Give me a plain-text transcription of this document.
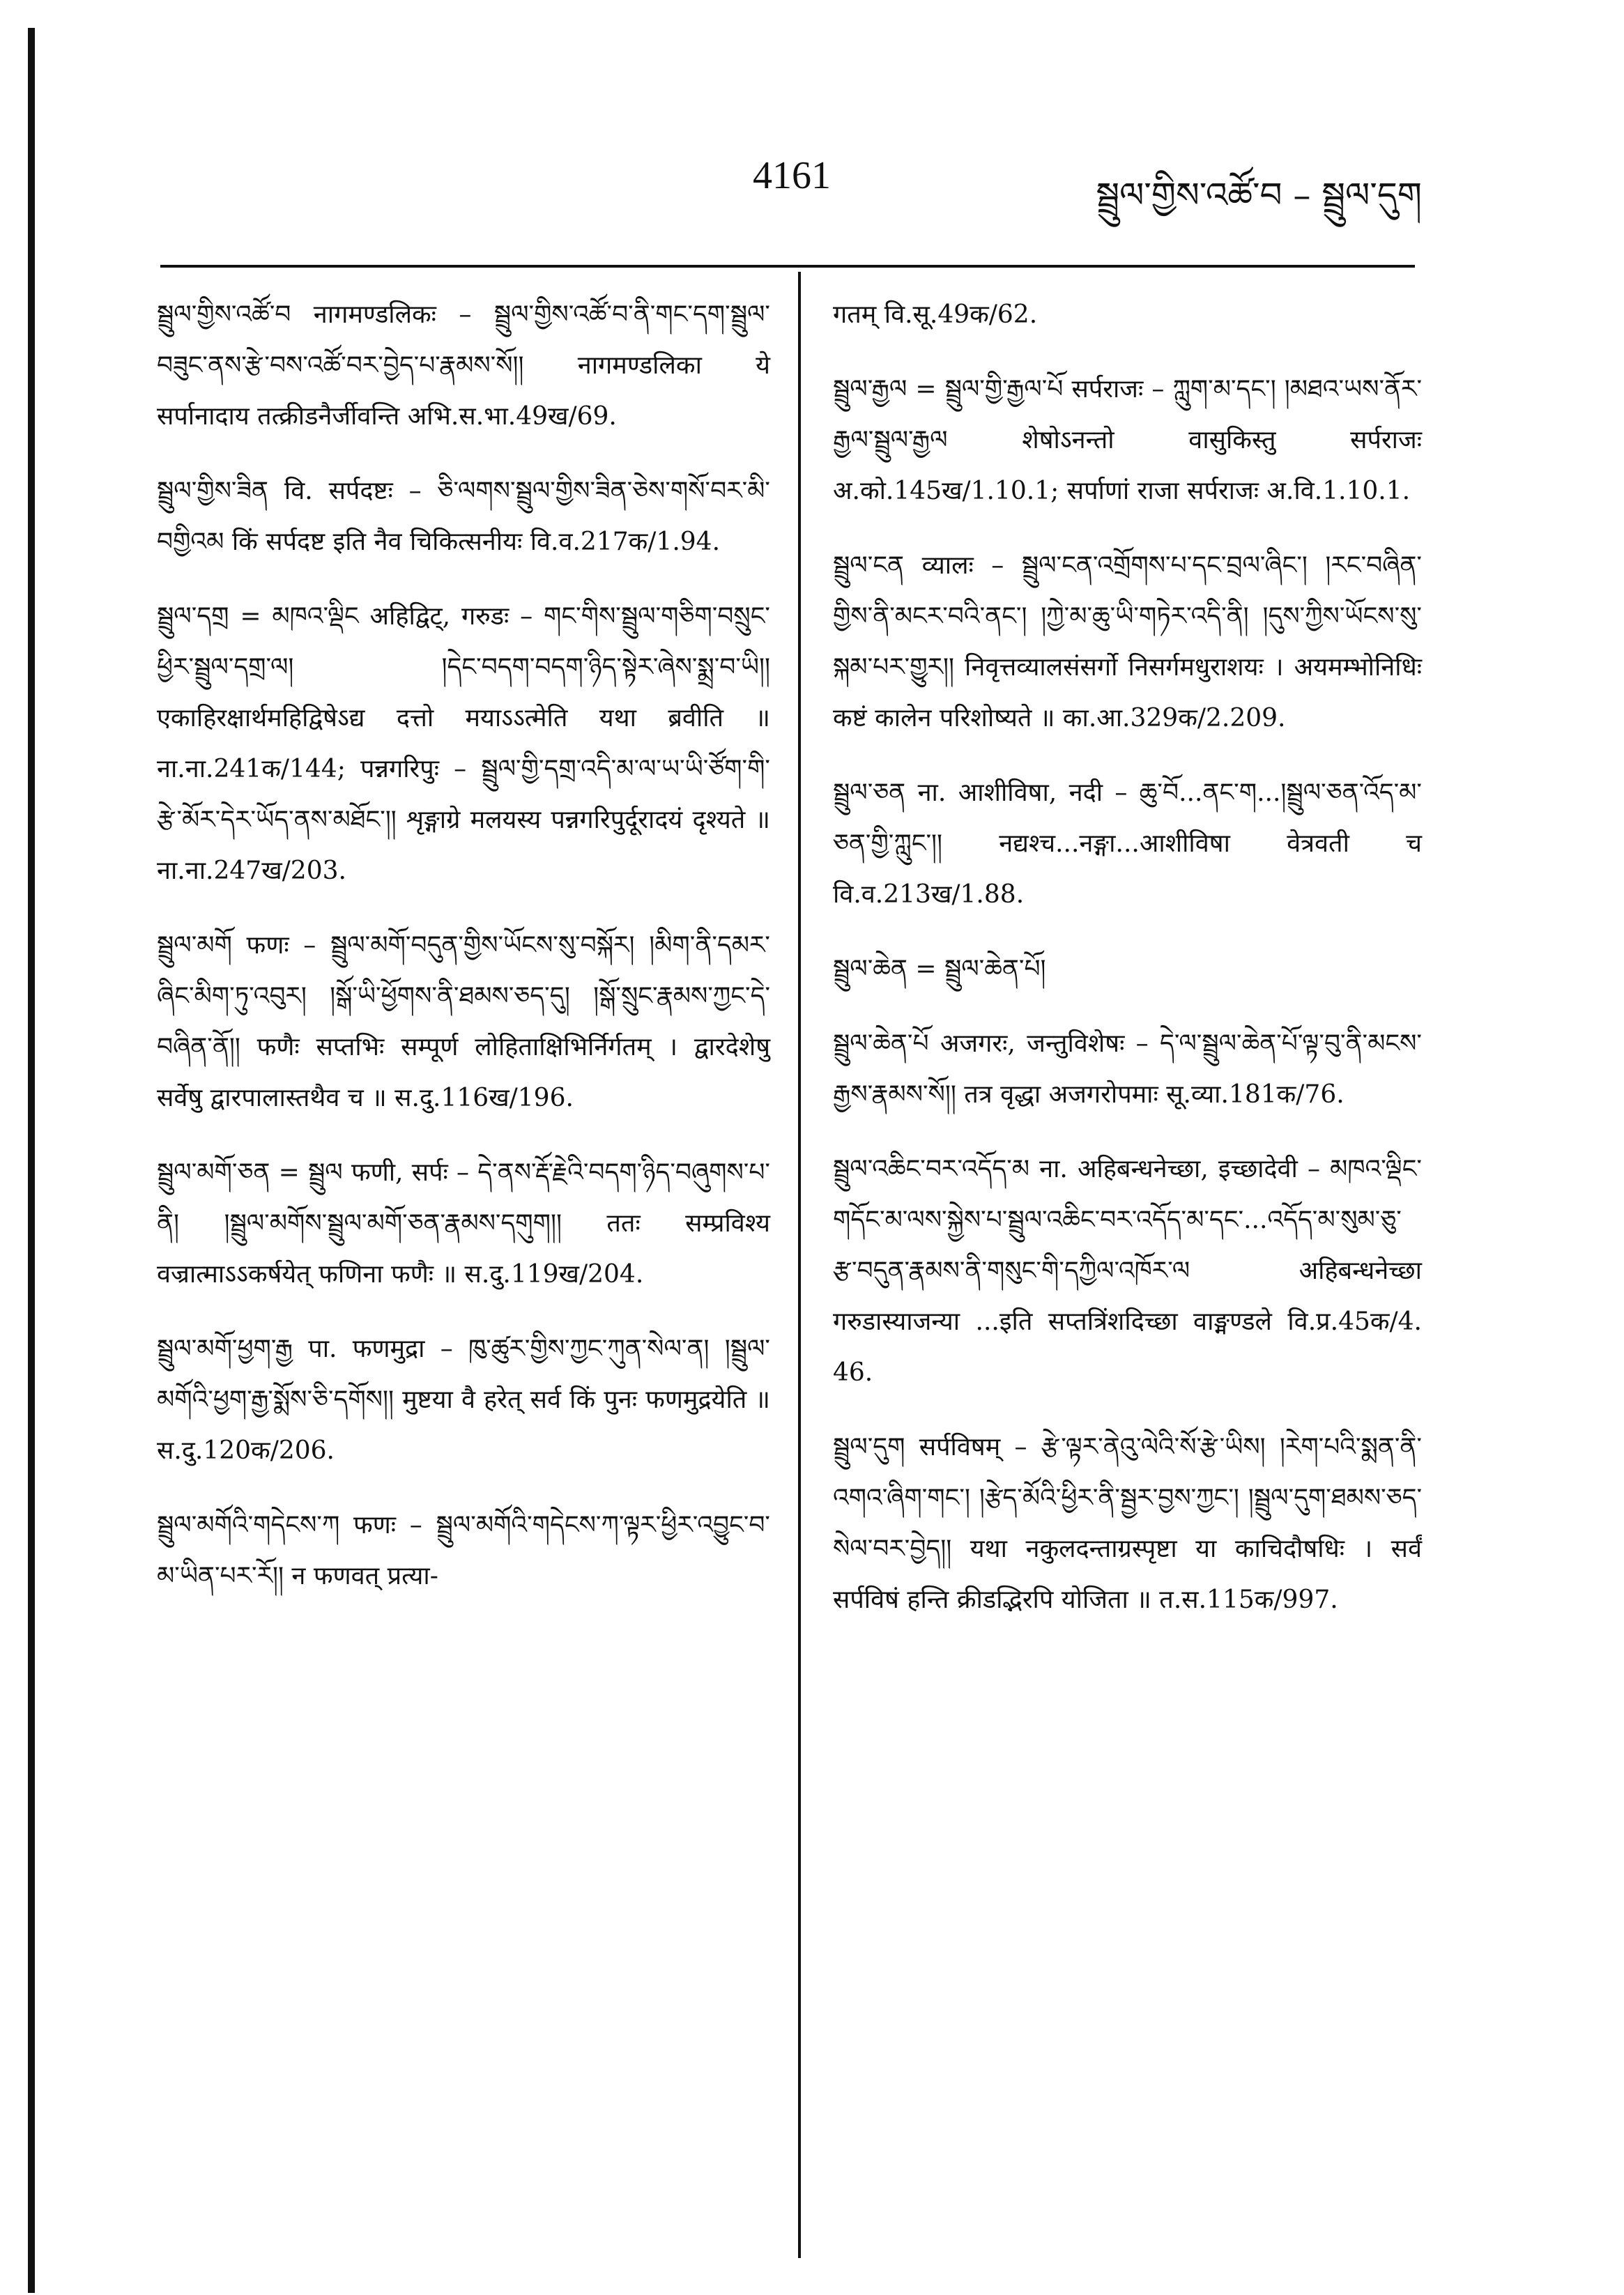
4161	སྦྲུལ་གྱིས་འཚོ་བ – སྦྲུལ་དུག

སྦྲུལ་གྱིས་འཚོ་བ नागमण्डलिकः – སྦྲུལ་གྱིས་འཚོ་བ་ནི་གང་དག་སྦྲུལ་བཟུང་ནས་རྩེ་བས་འཚོ་བར་བྱེད་པ་རྣམས་སོ།། नागमण्डलिका ये सर्पानादाय तत्क्रीडनैर्जीवन्ति अभि.स.भा.49ख/69.

སྦྲུལ་གྱིས་ཟིན वि. सर्पदष्टः – ཅི་ལགས་སྦྲུལ་གྱིས་ཟིན་ཅེས་གསོ་བར་མི་བགྱིའམ किं सर्पदष्ट इति नैव चिकित्सनीयः वि.व.217क/1.94.

སྦྲུལ་དགྲ = མཁའ་ལྡིང अहिद्विट्, गरुडः – གང་གིས་སྦྲུལ་གཅིག་བསྲུང་ཕྱིར་སྦྲུལ་དགྲ་ལ། །དེང་བདག་བདག་ཉིད་སྟེར་ཞེས་སྨྲ་བ་ཡི།། एकाहिरक्षार्थमहिद्विषेऽद्य दत्तो मयाऽऽत्मेति यथा ब्रवीति ॥ ना.ना.241क/144; पन्नगरिपुः – སྦྲུལ་གྱི་དགྲ་འདི་མ་ལ་ཡ་ཡི་ཙོག་གི་རྩེ་མོར་དེར་ཡོད་ནས་མཐོང་།། शृङ्गाग्रे मलयस्य पन्नगरिपुर्दूरादयं दृश्यते ॥ ना.ना.247ख/203.

སྦྲུལ་མགོ फणः – སྦྲུལ་མགོ་བདུན་གྱིས་ཡོངས་སུ་བསྐོར། །མིག་ནི་དམར་ཞིང་མིག་ཏུ་འབུར། །སྒོ་ཡི་ཕྱོགས་ནི་ཐམས་ཅད་དུ། །སྒོ་སྲུང་རྣམས་ཀྱང་དེ་བཞིན་ནོ།། फणैः सप्तभिः सम्पूर्ण लोहिताक्षिभिर्निर्गतम् । द्वारदेशेषु सर्वेषु द्वारपालास्तथैव च ॥ स.दु.116ख/196.

སྦྲུལ་མགོ་ཅན = སྦྲུལ फणी, सर्पः – དེ་ནས་རྡོ་རྗེའི་བདག་ཉིད་བཞུགས་པ་ནི། །སྦྲུལ་མགོས་སྦྲུལ་མགོ་ཅན་རྣམས་དགུག།། ततः सम्प्रविश्य वज्रात्माऽऽकर्षयेत् फणिना फणैः ॥ स.दु.119ख/204.

སྦྲུལ་མགོ་ཕྱག་རྒྱ पा. फणमुद्रा – ཁུ་ཚུར་གྱིས་ཀྱང་ཀུན་སེལ་ན། །སྦྲུལ་མགོའི་ཕྱག་རྒྱ་སྨོས་ཅི་དགོས།། मुष्टया वै हरेत् सर्व किं पुनः फणमुद्रयेति ॥ स.दु.120क/206.

སྦྲུལ་མགོའི་གདེངས་ཀ फणः – སྦྲུལ་མགོའི་གདེངས་ཀ་ལྟར་ཕྱིར་འབྱུང་བ་མ་ཡིན་པར་རོ།། न फणवत् प्रत्या-

गतम् वि.सू.49क/62.

སྦྲུལ་རྒྱལ = སྦྲུལ་གྱི་རྒྱལ་པོ सर्पराजः – ཀླུག་མ་དང་། །མཐའ་ཡས་ནོར་རྒྱལ་སྦྲུལ་རྒྱལ शेषोऽनन्तो वासुकिस्तु सर्पराजः अ.को.145ख/1.10.1; सर्पाणां राजा सर्पराजः अ.वि.1.10.1.

སྦྲུལ་ངན व्यालः – སྦྲུལ་ངན་འགྲོགས་པ་དང་བྲལ་ཞིང་། །རང་བཞིན་གྱིས་ནི་མངར་བའི་ནང་། །ཀྱེ་མ་ཆུ་ཡི་གཏེར་འདི་ནི། །དུས་ཀྱིས་ཡོངས་སུ་སྐམ་པར་གྱུར།། निवृत्तव्यालसंसर्गो निसर्गमधुराशयः । अयमम्भोनिधिः कष्टं कालेन परिशोष्यते ॥ का.आ.329क/2.209.

སྦྲུལ་ཅན ना. आशीविषा, नदी – ཆུ་བོ...ནང་ག...།སྦྲུལ་ཅན་འོད་མ་ཅན་གྱི་ཀླུང་།། नद्यश्च...नङ्गा...आशीविषा वेत्रवती च वि.व.213ख/1.88.

སྦྲུལ་ཆེན = སྦྲུལ་ཆེན་པོ།

སྦྲུལ་ཆེན་པོ अजगरः, जन्तुविशेषः – དེ་ལ་སྦྲུལ་ཆེན་པོ་ལྟ་བུ་ནི་མངས་རྒྱས་རྣམས་སོ།། तत्र वृद्धा अजगरोपमाः सू.व्या.181क/76.

སྦྲུལ་འཆིང་བར་འདོད་མ ना. अहिबन्धनेच्छा, इच्छादेवी – མཁའ་ལྡིང་གདོང་མ་ལས་སྐྱེས་པ་སྦྲུལ་འཆིང་བར་འདོད་མ་དང་...འདོད་མ་སུམ་ཅུ་རྩ་བདུན་རྣམས་ནི་གསུང་གི་དཀྱིལ་འཁོར་ལ अहिबन्धनेच्छा गरुडास्याजन्या ...इति सप्तत्रिंशदिच्छा वाङ्मण्डले वि.प्र.45क/4. 46.

སྦྲུལ་དུག सर्पविषम् – རྩེ་ལྟར་ནེའུ་ལེའི་སོ་རྩེ་ཡིས། །རེག་པའི་སྨན་ནི་འགའ་ཞིག་གང་། །རྩེད་མོའི་ཕྱིར་ནི་སྦྱར་བྱས་ཀྱང་། །སྦྲུལ་དུག་ཐམས་ཅད་སེལ་བར་བྱེད།། यथा नकुलदन्ताग्रस्पृष्टा या काचिदौषधिः । सर्वं सर्पविषं हन्ति क्रीडद्भिरपि योजिता ॥ त.स.115क/997.
